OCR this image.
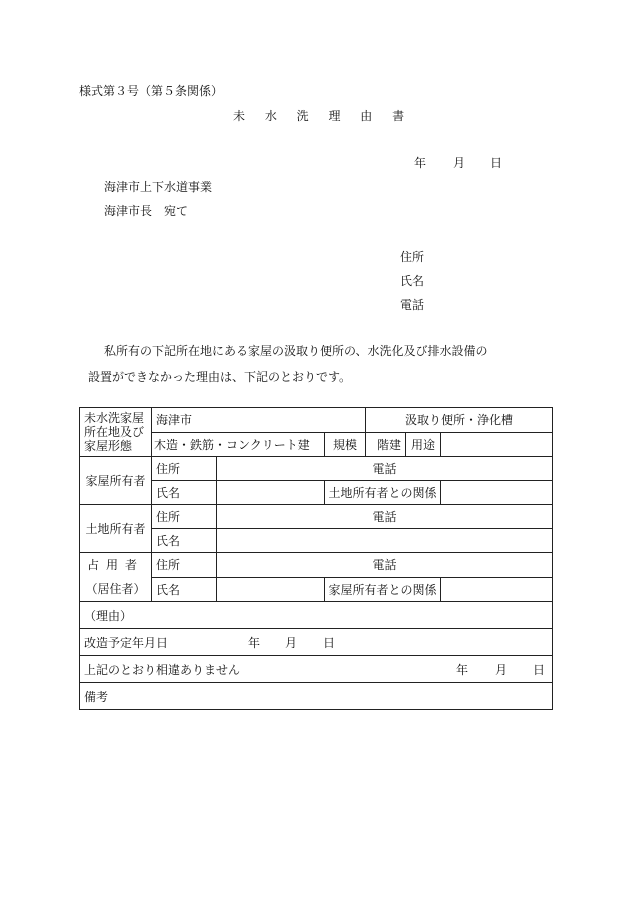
様式第３号（第５条関係）
未 水 洗 理 由 書
年 月 日
海津市上下水道事業
海津市長　宛て
住所
氏名
電話
私所有の下記所在地にある家屋の汲取り便所の、水洗化及び排水設備の
設置ができなかった理由は、下記のとおりです。
未水洗家屋
所在地及び
家屋形態	海津市			汲取り便所・浄化槽		
	木造・鉄筋・コンクリート建		規模	階建	用途	
家屋所有者	住所	電話				
	氏名		土地所有者との関係			
土地所有者	住所	電話				
	氏名					

占用者
（居住者）	住所	電話				
	氏名		家屋所有者との関係			
（理由）						
改造予定年月日 年 月 日						
上記のとおり相違ありません 年 月 日						
備考						
